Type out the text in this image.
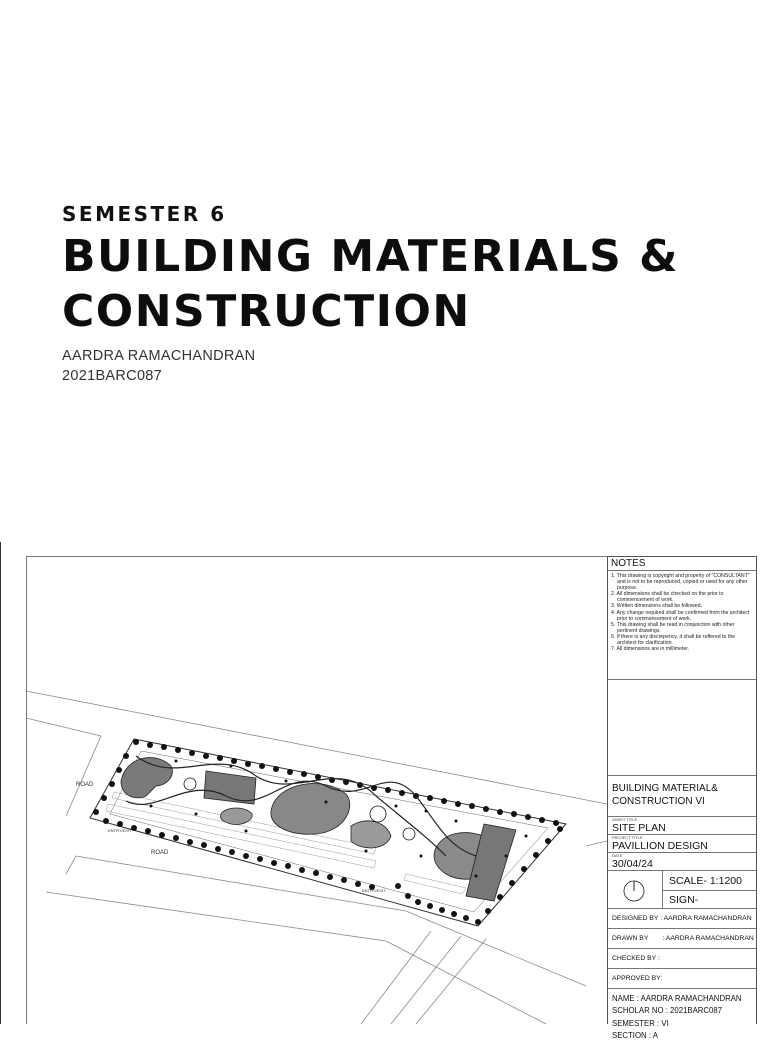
SEMESTER 6
BUILDING MATERIALS &
CONSTRUCTION
AARDRA RAMACHANDRAN
2021BARC087
ROAD
ROAD
ENTRY/EXIT
ENTRY/EXIT
NOTES
1. This drawing is copyright and property of "CONSULTANT" and is not to be reproduced, copied or used for any other purpose.
2. All dimensions shall be checked on the prior to commencement of work.
3. Written dimensions shall be followed.
4. Any change required shall be confirmed from the architect prior to commencement of work.
5. This drawing shall be read in conjunction with other pertinent drawings.
6. If there is any discrepency, it shall be reffered to the architect for clarification.
7. All dimensions are in millimeter.
BUILDING MATERIAL&
CONSTRUCTION VI
SHEET TITLE
SITE PLAN
PROJECT TITLE
PAVILLION DESIGN
DATE
30/04/24
SCALE- 1:1200
SIGN-
DESIGNED BY : AARDRA RAMACHANDRAN
DRAWN BY : AARDRA RAMACHANDRAN
CHECKED BY :
APPROVED BY:
NAME : AARDRA RAMACHANDRAN
SCHOLAR NO : 2021BARC087
SEMESTER : VI
SECTION : A
